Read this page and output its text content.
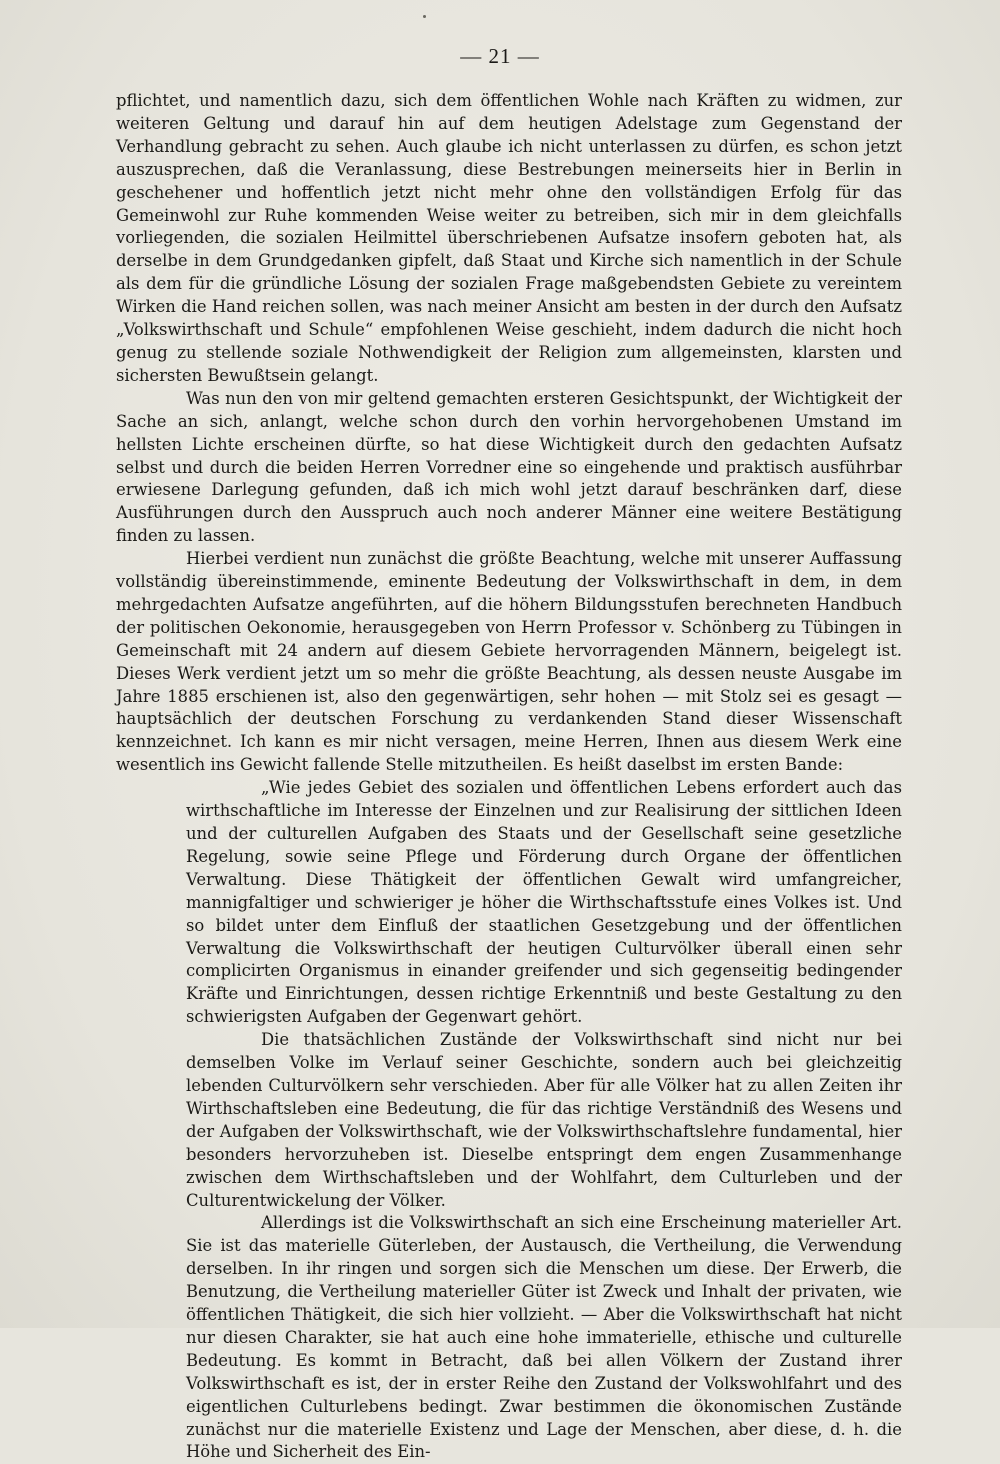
— 21 —

pflichtet, und namentlich dazu, sich dem öffentlichen Wohle nach Kräften zu widmen, zur weiteren Geltung und darauf hin auf dem heutigen Adelstage zum Gegenstand der Verhandlung gebracht zu sehen. Auch glaube ich nicht unterlassen zu dürfen, es schon jetzt auszusprechen, daß die Veranlassung, diese Bestrebungen meinerseits hier in Berlin in geschehener und hoffentlich jetzt nicht mehr ohne den vollständigen Erfolg für das Gemeinwohl zur Ruhe kommenden Weise weiter zu betreiben, sich mir in dem gleichfalls vorliegenden, die sozialen Heilmittel überschriebenen Aufsatze insofern geboten hat, als derselbe in dem Grundgedanken gipfelt, daß Staat und Kirche sich namentlich in der Schule als dem für die gründliche Lösung der sozialen Frage maßgebendsten Gebiete zu vereintem Wirken die Hand reichen sollen, was nach meiner Ansicht am besten in der durch den Aufsatz „Volkswirthschaft und Schule“ empfohlenen Weise geschieht, indem dadurch die nicht hoch genug zu stellende soziale Nothwendigkeit der Religion zum allgemeinsten, klarsten und sichersten Bewußtsein gelangt.

Was nun den von mir geltend gemachten ersteren Gesichtspunkt, der Wichtigkeit der Sache an sich, anlangt, welche schon durch den vorhin hervorgehobenen Umstand im hellsten Lichte erscheinen dürfte, so hat diese Wichtigkeit durch den gedachten Aufsatz selbst und durch die beiden Herren Vorredner eine so eingehende und praktisch ausführbar erwiesene Darlegung gefunden, daß ich mich wohl jetzt darauf beschränken darf, diese Ausführungen durch den Ausspruch auch noch anderer Männer eine weitere Bestätigung finden zu lassen.

Hierbei verdient nun zunächst die größte Beachtung, welche mit unserer Auffassung vollständig übereinstimmende, eminente Bedeutung der Volkswirthschaft in dem, in dem mehrgedachten Aufsatze angeführten, auf die höhern Bildungsstufen berechneten Handbuch der politischen Oekonomie, herausgegeben von Herrn Professor v. Schönberg zu Tübingen in Gemeinschaft mit 24 andern auf diesem Gebiete hervorragenden Männern, beigelegt ist. Dieses Werk verdient jetzt um so mehr die größte Beachtung, als dessen neuste Ausgabe im Jahre 1885 erschienen ist, also den gegenwärtigen, sehr hohen — mit Stolz sei es gesagt — hauptsächlich der deutschen Forschung zu verdankenden Stand dieser Wissenschaft kennzeichnet. Ich kann es mir nicht versagen, meine Herren, Ihnen aus diesem Werk eine wesentlich ins Gewicht fallende Stelle mitzutheilen. Es heißt daselbst im ersten Bande:

„Wie jedes Gebiet des sozialen und öffentlichen Lebens erfordert auch das wirthschaftliche im Interesse der Einzelnen und zur Realisirung der sittlichen Ideen und der culturellen Aufgaben des Staats und der Gesellschaft seine gesetzliche Regelung, sowie seine Pflege und Förderung durch Organe der öffentlichen Verwaltung. Diese Thätigkeit der öffentlichen Gewalt wird umfangreicher, mannigfaltiger und schwieriger je höher die Wirthschaftsstufe eines Volkes ist. Und so bildet unter dem Einfluß der staatlichen Gesetzgebung und der öffentlichen Verwaltung die Volkswirthschaft der heutigen Culturvölker überall einen sehr complicirten Organismus in einander greifender und sich gegenseitig bedingender Kräfte und Einrichtungen, dessen richtige Erkenntniß und beste Gestaltung zu den schwierigsten Aufgaben der Gegenwart gehört.

Die thatsächlichen Zustände der Volkswirthschaft sind nicht nur bei demselben Volke im Verlauf seiner Geschichte, sondern auch bei gleichzeitig lebenden Culturvölkern sehr verschieden. Aber für alle Völker hat zu allen Zeiten ihr Wirthschaftsleben eine Bedeutung, die für das richtige Verständniß des Wesens und der Aufgaben der Volkswirthschaft, wie der Volkswirthschaftslehre fundamental, hier besonders hervorzuheben ist. Dieselbe entspringt dem engen Zusammenhange zwischen dem Wirthschaftsleben und der Wohlfahrt, dem Culturleben und der Culturentwickelung der Völker.

Allerdings ist die Volkswirthschaft an sich eine Erscheinung materieller Art. Sie ist das materielle Güterleben, der Austausch, die Vertheilung, die Verwendung derselben. In ihr ringen und sorgen sich die Menschen um diese. Der Erwerb, die Benutzung, die Vertheilung materieller Güter ist Zweck und Inhalt der privaten, wie öffentlichen Thätigkeit, die sich hier vollzieht. — Aber die Volkswirthschaft hat nicht nur diesen Charakter, sie hat auch eine hohe immaterielle, ethische und culturelle Bedeutung. Es kommt in Betracht, daß bei allen Völkern der Zustand ihrer Volkswirthschaft es ist, der in erster Reihe den Zustand der Volkswohlfahrt und des eigentlichen Culturlebens bedingt. Zwar bestimmen die ökonomischen Zustände zunächst nur die materielle Existenz und Lage der Menschen, aber diese, d. h. die Höhe und Sicherheit des Ein-
